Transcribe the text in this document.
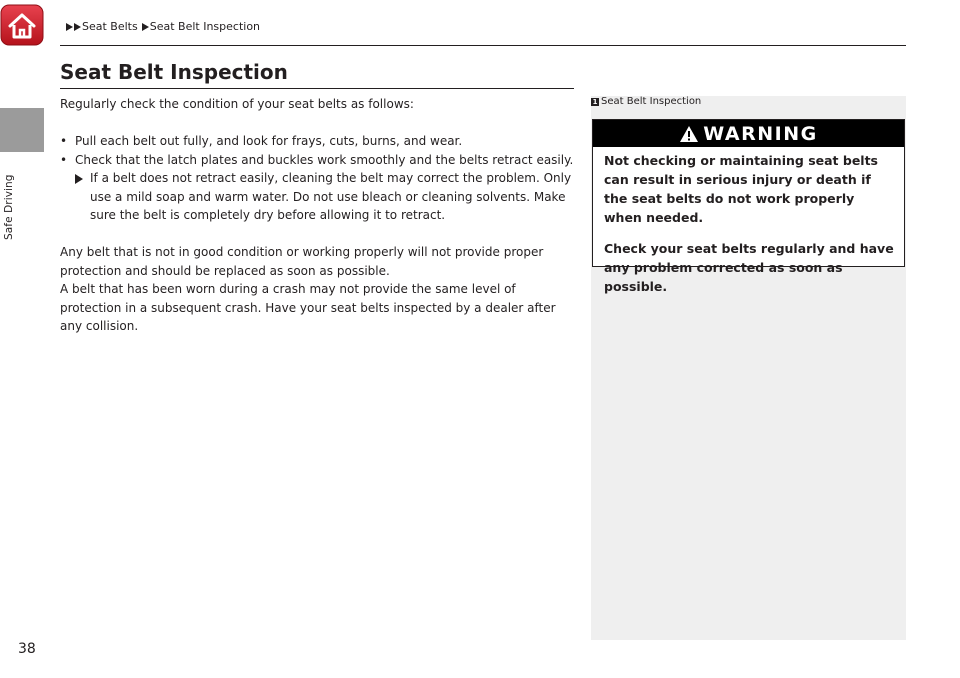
Seat Belts Seat Belt Inspection
Safe Driving
Seat Belt Inspection

Regularly check the condition of your seat belts as follows:

• Pull each belt out fully, and look for frays, cuts, burns, and wear.

• Check that the latch plates and buckles work smoothly and the belts retract easily.

If a belt does not retract easily, cleaning the belt may correct the problem. Only use a mild soap and warm water. Do not use bleach or cleaning solvents. Make sure the belt is completely dry before allowing it to retract.

Any belt that is not in good condition or working properly will not provide proper protection and should be replaced as soon as possible.

A belt that has been worn during a crash may not provide the same level of protection in a subsequent crash. Have your seat belts inspected by a dealer after any collision.

1 Seat Belt Inspection
WARNING

Not checking or maintaining seat belts can result in serious injury or death if the seat belts do not work properly when needed.

Check your seat belts regularly and have any problem corrected as soon as possible.

38
